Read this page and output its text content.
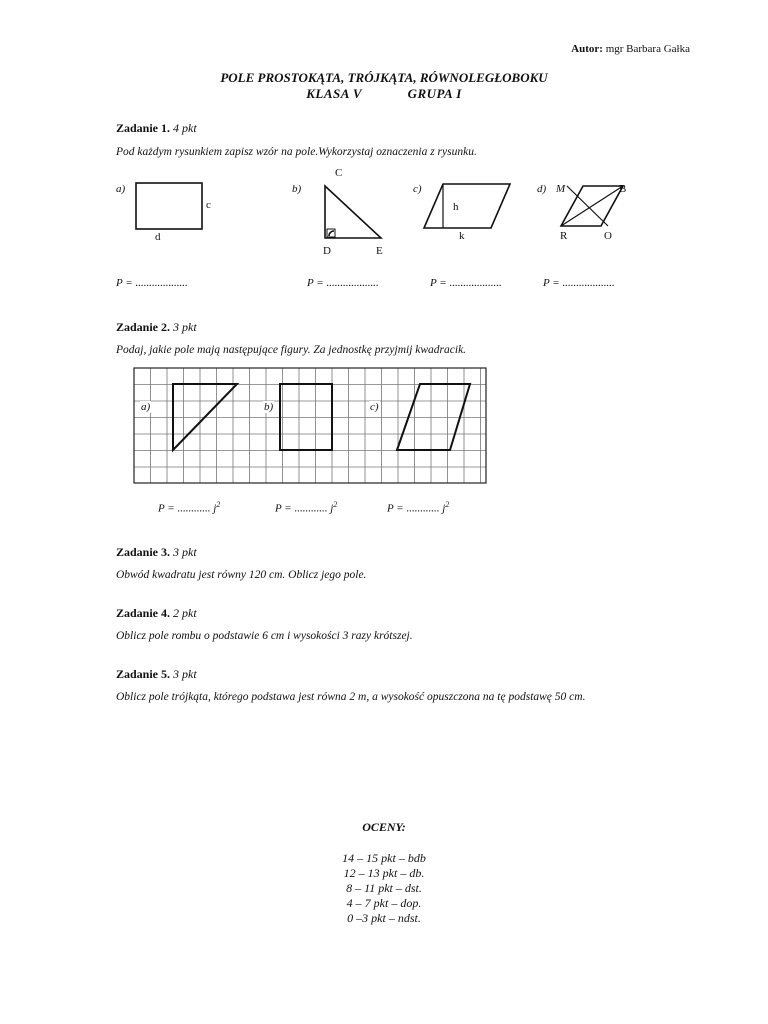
Autor: mgr Barbara Gałka
POLE PROSTOKĄTA, TRÓJKĄTA, RÓWNOLEGŁOBOKU
KLASA V	GRUPA I
Zadanie 1. 4 pkt
Pod każdym rysunkiem zapisz wzór na pole.Wykorzystaj oznaczenia z rysunku.
a)
c
d
b)
C
D	E
c)
h
k
d) M	B
R	O
P = ...................	P = ...................	P = ...................	P = ...................
Zadanie 2. 3 pkt
Podaj, jakie pole mają następujące figury. Za jednostkę przyjmij kwadracik.
a)	b)	c)
P = ............ $j^2$	P = ............ $j^2$	P = ............ $j^2$
Zadanie 3. 3 pkt
Obwód kwadratu jest równy 120 cm. Oblicz jego pole.
Zadanie 4. 2 pkt
Oblicz pole rombu o podstawie 6 cm i wysokości 3 razy krótszej.
Zadanie 5. 3 pkt
Oblicz pole trójkąta, którego podstawa jest równa 2 m, a wysokość opuszczona na tę podstawę 50 cm.
OCENY:
14 – 15 pkt – bdb
12 – 13 pkt – db.
8 – 11 pkt – dst.
4 – 7 pkt – dop.
0 –3 pkt – ndst.
